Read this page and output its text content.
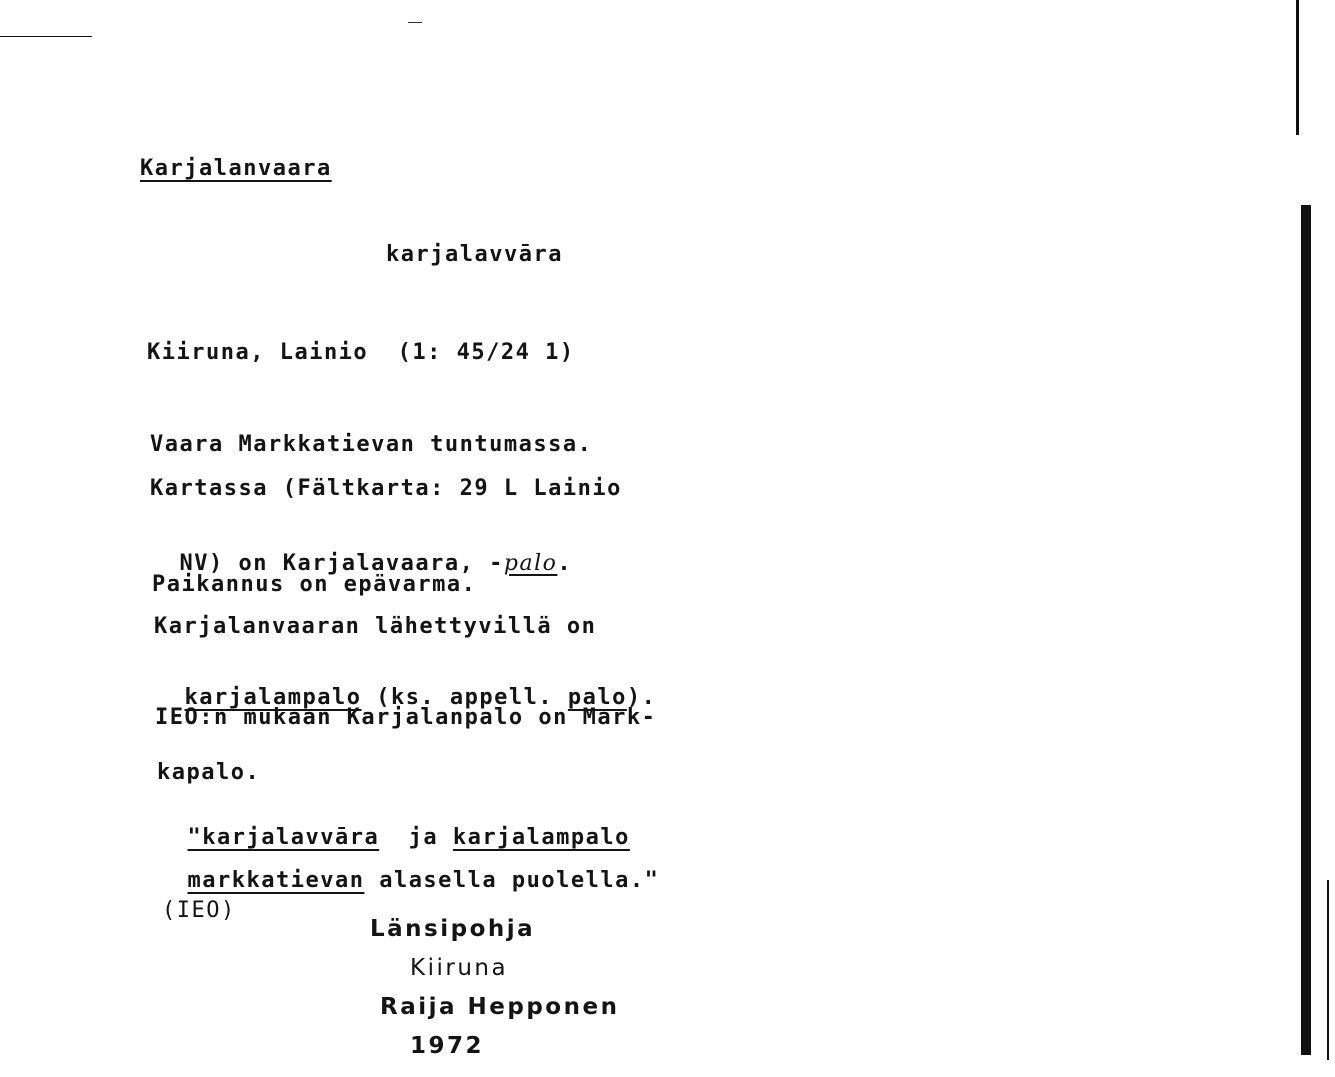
Karjalanvaara
karjalavvāra
Kiiruna, Lainio  (1: 45/24 1)
Vaara Markkatievan tuntumassa.
Kartassa (Fältkarta: 29 L Lainio

NV) on Karjalavaara, -palo.

Paikannus on epävarma.
Karjalanvaaran lähettyvillä on

karjalampalo (ks. appell. palo).

IEO:n mukaan Karjalanpalo on Mark-
kapalo.

"karjalavvāra  ja karjalampalo

markkatievan alasella puolella."

(IEO)
Länsipohja
Kiiruna
Raija Hepponen
1972
